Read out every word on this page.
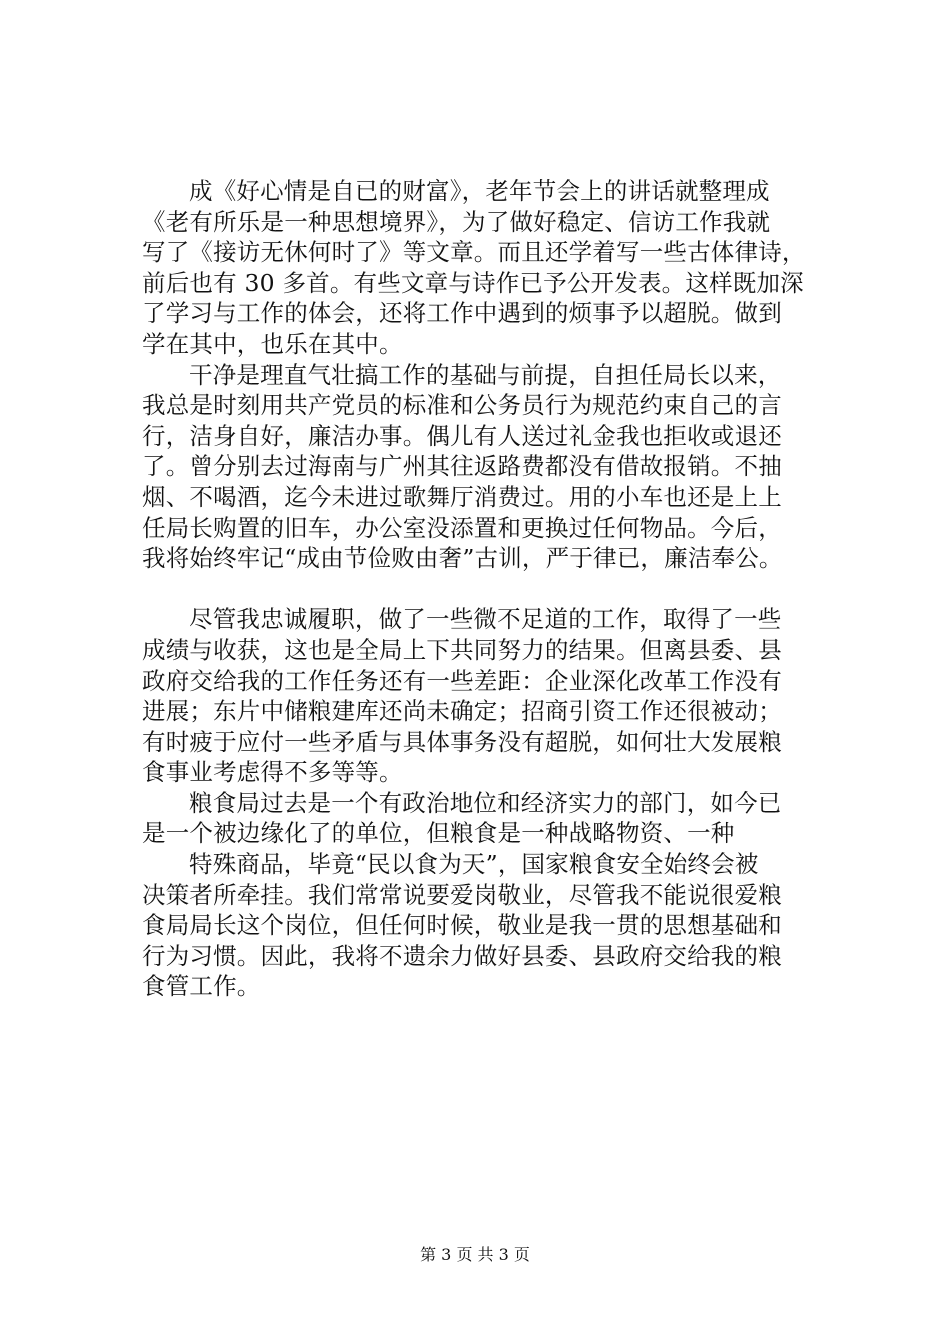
成《好心情是自已的财富》，老年节会上的讲话就整理成
《老有所乐是一种思想境界》，为了做好稳定、信访工作我就
写了《接访无休何时了》等文章。而且还学着写一些古体律诗，
前后也有 30 多首。有些文章与诗作已予公开发表。这样既加深
了学习与工作的体会，还将工作中遇到的烦事予以超脱。做到
学在其中，也乐在其中。
干净是理直气壮搞工作的基础与前提，自担任局长以来，
我总是时刻用共产党员的标准和公务员行为规范约束自己的言
行，洁身自好，廉洁办事。偶儿有人送过礼金我也拒收或退还
了。曾分别去过海南与广州其往返路费都没有借故报销。不抽
烟、不喝酒，迄今未进过歌舞厅消费过。用的小车也还是上上
任局长购置的旧车，办公室没添置和更换过任何物品。今后，
我将始终牢记“成由节俭败由奢”古训，严于律已，廉洁奉公。
尽管我忠诚履职，做了一些微不足道的工作，取得了一些
成绩与收获，这也是全局上下共同努力的结果。但离县委、县
政府交给我的工作任务还有一些差距：企业深化改革工作没有
进展；东片中储粮建库还尚未确定；招商引资工作还很被动；
有时疲于应付一些矛盾与具体事务没有超脱，如何壮大发展粮
食事业考虑得不多等等。
粮食局过去是一个有政治地位和经济实力的部门，如今已
是一个被边缘化了的单位，但粮食是一种战略物资、一种
特殊商品，毕竟“民以食为天”，国家粮食安全始终会被
决策者所牵挂。我们常常说要爱岗敬业，尽管我不能说很爱粮
食局局长这个岗位，但任何时候，敬业是我一贯的思想基础和
行为习惯。因此，我将不遗余力做好县委、县政府交给我的粮
食管工作。
第 3 页 共 3 页
